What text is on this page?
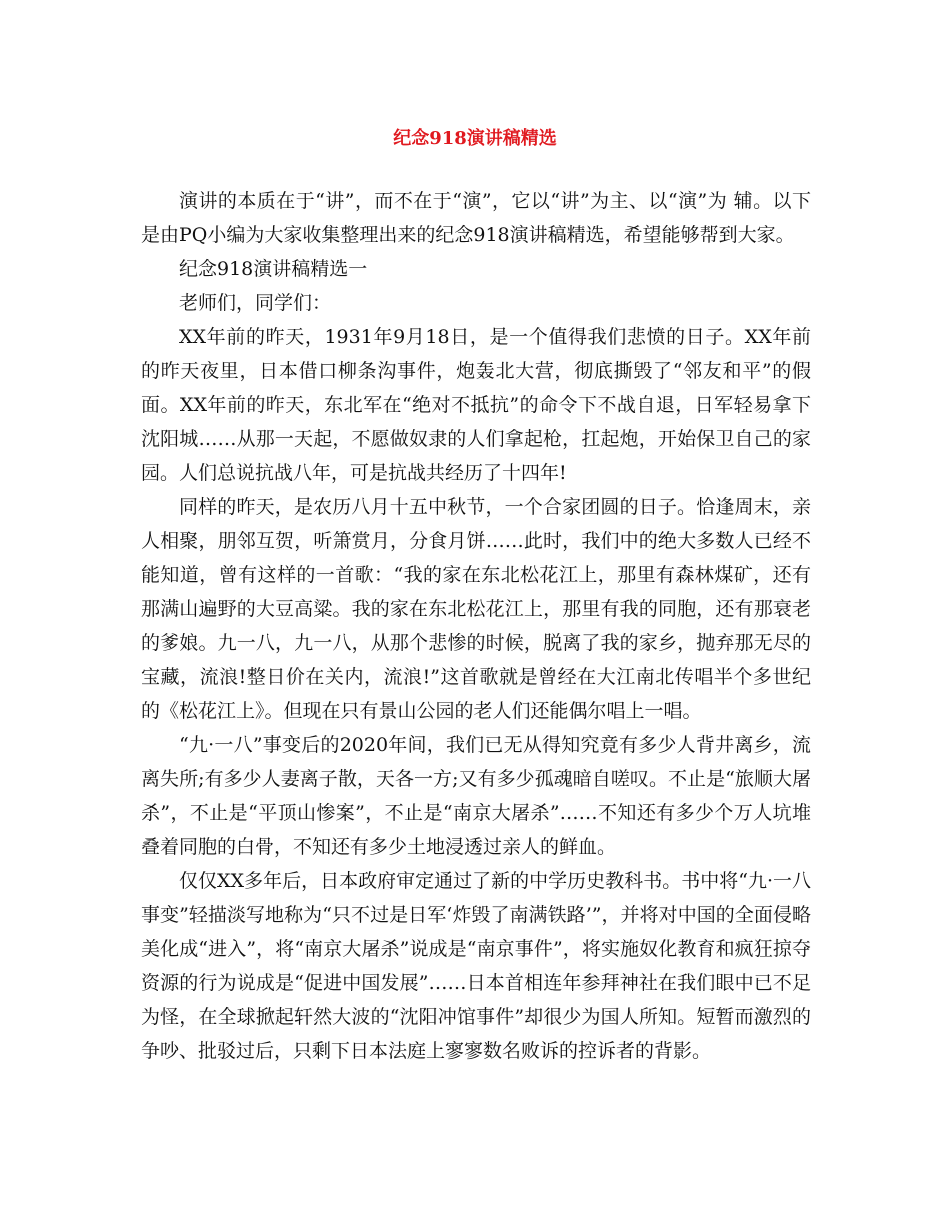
纪念918演讲稿精选

演讲的本质在于“讲”，而不在于“演”，它以“讲”为主、以“演”为 辅。以下是由PQ小编为大家收集整理出来的纪念918演讲稿精选，希望能够帮到大家。

纪念918演讲稿精选一

老师们，同学们：

XX年前的昨天，1931年9月18日，是一个值得我们悲愤的日子。XX年前的昨天夜里，日本借口柳条沟事件，炮轰北大营，彻底撕毁了“邻友和平”的假面。XX年前的昨天，东北军在“绝对不抵抗”的命令下不战自退，日军轻易拿下沈阳城……从那一天起，不愿做奴隶的人们拿起枪，扛起炮，开始保卫自己的家园。人们总说抗战八年，可是抗战共经历了十四年!

同样的昨天，是农历八月十五中秋节，一个合家团圆的日子。恰逢周末，亲人相聚，朋邻互贺，听箫赏月，分食月饼……此时，我们中的绝大多数人已经不能知道，曾有这样的一首歌：“我的家在东北松花江上，那里有森林煤矿，还有那满山遍野的大豆高粱。我的家在东北松花江上，那里有我的同胞，还有那衰老的爹娘。九一八，九一八，从那个悲惨的时候，脱离了我的家乡，抛弃那无尽的宝藏，流浪!整日价在关内，流浪!”这首歌就是曾经在大江南北传唱半个多世纪的《松花江上》。但现在只有景山公园的老人们还能偶尔唱上一唱。

“九·一八”事变后的2020年间，我们已无从得知究竟有多少人背井离乡，流离失所;有多少人妻离子散，天各一方;又有多少孤魂暗自嗟叹。不止是“旅顺大屠杀”，不止是“平顶山惨案”，不止是“南京大屠杀”……不知还有多少个万人坑堆叠着同胞的白骨，不知还有多少土地浸透过亲人的鲜血。

仅仅XX多年后，日本政府审定通过了新的中学历史教科书。书中将“九·一八事变”轻描淡写地称为“只不过是日军‘炸毁了南满铁路’”，并将对中国的全面侵略美化成“进入”，将“南京大屠杀”说成是“南京事件”，将实施奴化教育和疯狂掠夺资源的行为说成是“促进中国发展”……日本首相连年参拜神社在我们眼中已不足为怪，在全球掀起轩然大波的“沈阳冲馆事件”却很少为国人所知。短暂而激烈的争吵、批驳过后，只剩下日本法庭上寥寥数名败诉的控诉者的背影。
